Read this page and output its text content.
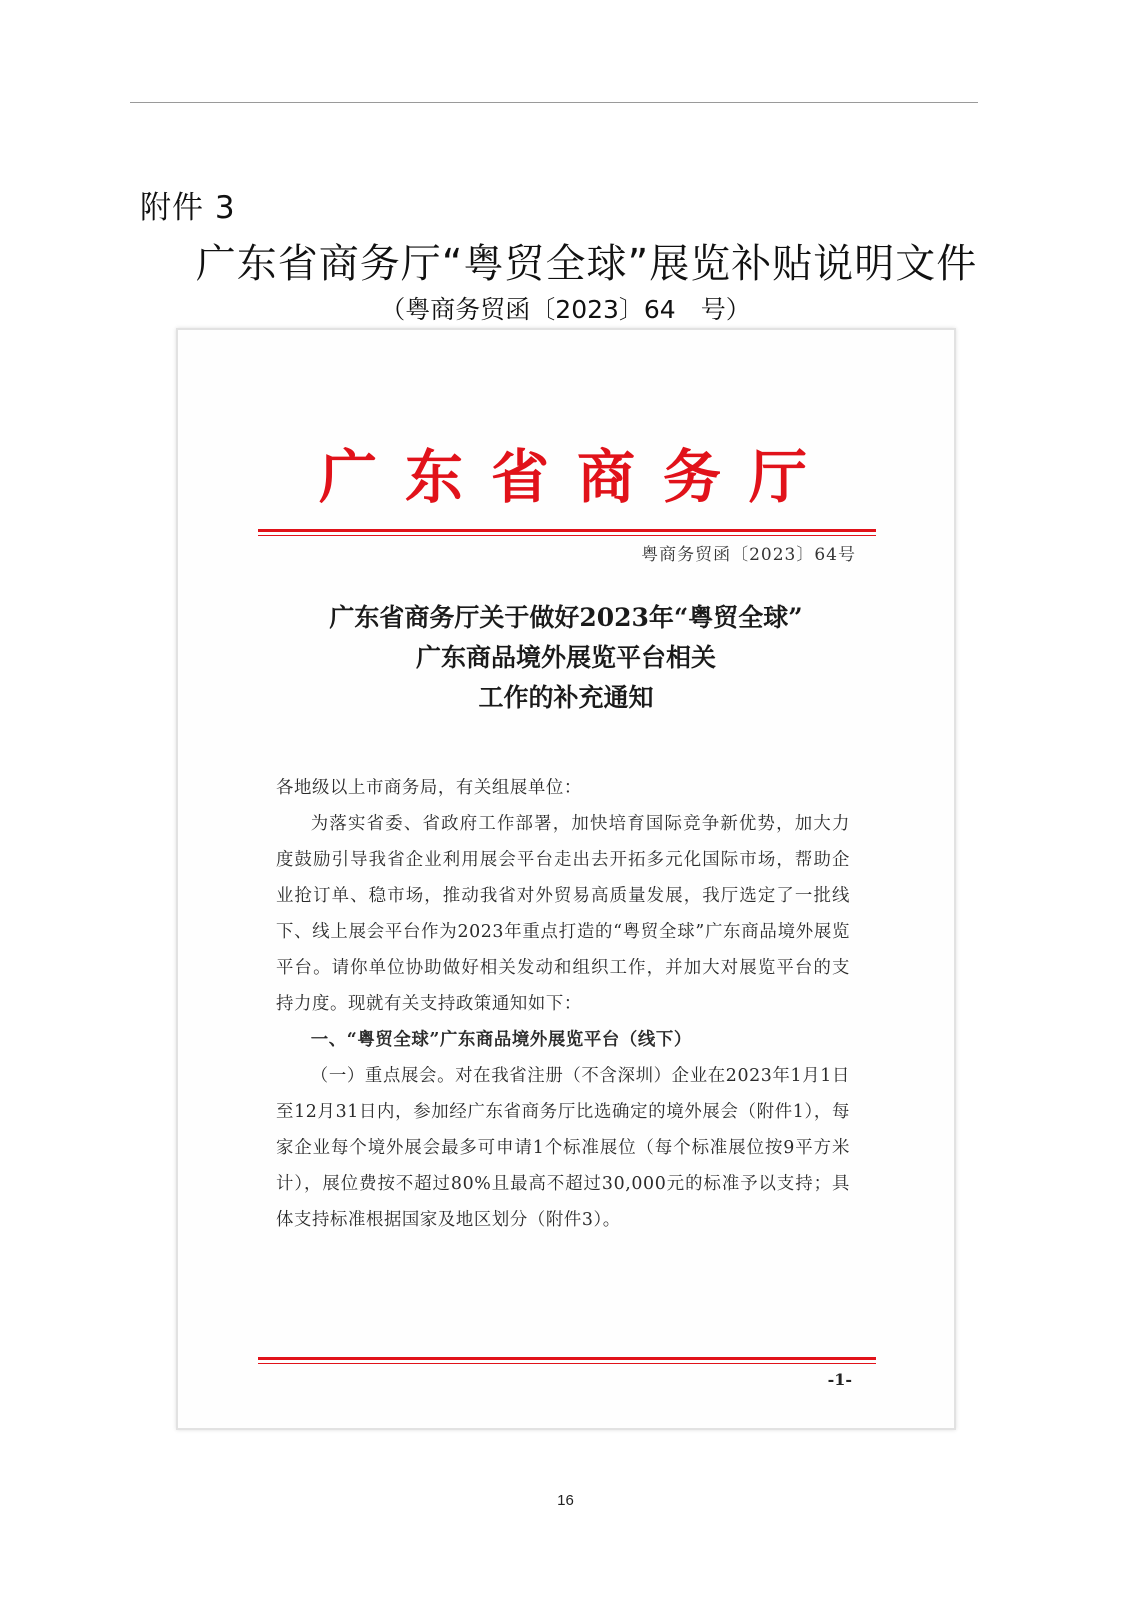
附件 3
广东省商务厅“粤贸全球”展览补贴说明文件
（粤商务贸函〔2023〕64　号）
广东省商务厅
粤商务贸函〔2023〕64号
广东省商务厅关于做好2023年“粤贸全球”
广东商品境外展览平台相关
工作的补充通知

各地级以上市商务局，有关组展单位：

为落实省委、省政府工作部署，加快培育国际竞争新优势，加大力度鼓励引导我省企业利用展会平台走出去开拓多元化国际市场，帮助企业抢订单、稳市场，推动我省对外贸易高质量发展，我厅选定了一批线下、线上展会平台作为2023年重点打造的“粤贸全球”广东商品境外展览平台。请你单位协助做好相关发动和组织工作，并加大对展览平台的支持力度。现就有关支持政策通知如下：

一、“粤贸全球”广东商品境外展览平台（线下）

（一）重点展会。对在我省注册（不含深圳）企业在2023年1月1日至12月31日内，参加经广东省商务厅比选确定的境外展会（附件1），每家企业每个境外展会最多可申请1个标准展位（每个标准展位按9平方米计），展位费按不超过80%且最高不超过30,000元的标准予以支持；具体支持标准根据国家及地区划分（附件3）。

-1-
16
